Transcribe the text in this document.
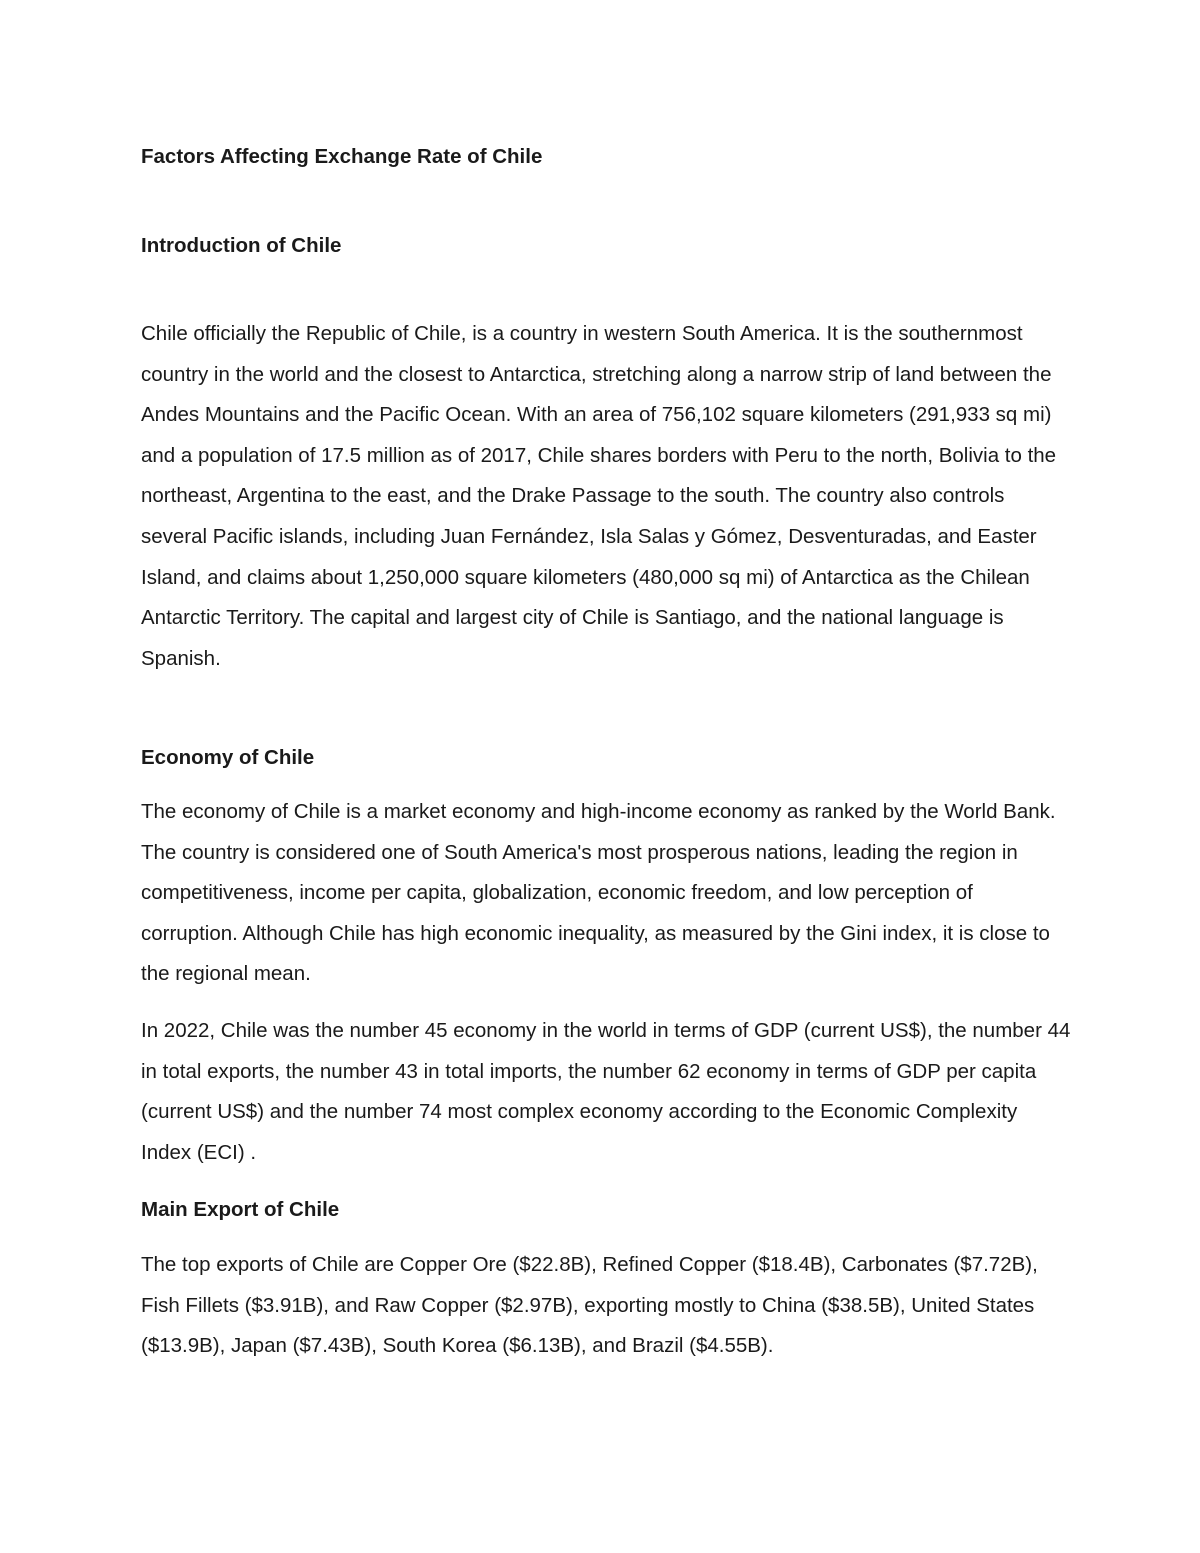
Factors Affecting Exchange Rate of Chile
Introduction of Chile

Chile officially the Republic of Chile, is a country in western South America. It is the southernmost country in the world and the closest to Antarctica, stretching along a narrow strip of land between the Andes Mountains and the Pacific Ocean. With an area of 756,102 square kilometers (291,933 sq mi) and a population of 17.5 million as of 2017, Chile shares borders with Peru to the north, Bolivia to the northeast, Argentina to the east, and the Drake Passage to the south. The country also controls several Pacific islands, including Juan Fernández, Isla Salas y Gómez, Desventuradas, and Easter Island, and claims about 1,250,000 square kilometers (480,000 sq mi) of Antarctica as the Chilean Antarctic Territory. The capital and largest city of Chile is Santiago, and the national language is Spanish.

Economy of Chile

The economy of Chile is a market economy and high-income economy as ranked by the World Bank. The country is considered one of South America's most prosperous nations, leading the region in competitiveness, income per capita, globalization, economic freedom, and low perception of corruption. Although Chile has high economic inequality, as measured by the Gini index, it is close to the regional mean.

In 2022, Chile was the number 45 economy in the world in terms of GDP (current US$), the number 44 in total exports, the number 43 in total imports, the number 62 economy in terms of GDP per capita (current US$) and the number 74 most complex economy according to the Economic Complexity Index (ECI) .

Main Export of Chile

The top exports of Chile are Copper Ore ($22.8B), Refined Copper ($18.4B), Carbonates ($7.72B), Fish Fillets ($3.91B), and Raw Copper ($2.97B), exporting mostly to China ($38.5B), United States ($13.9B), Japan ($7.43B), South Korea ($6.13B), and Brazil ($4.55B).
